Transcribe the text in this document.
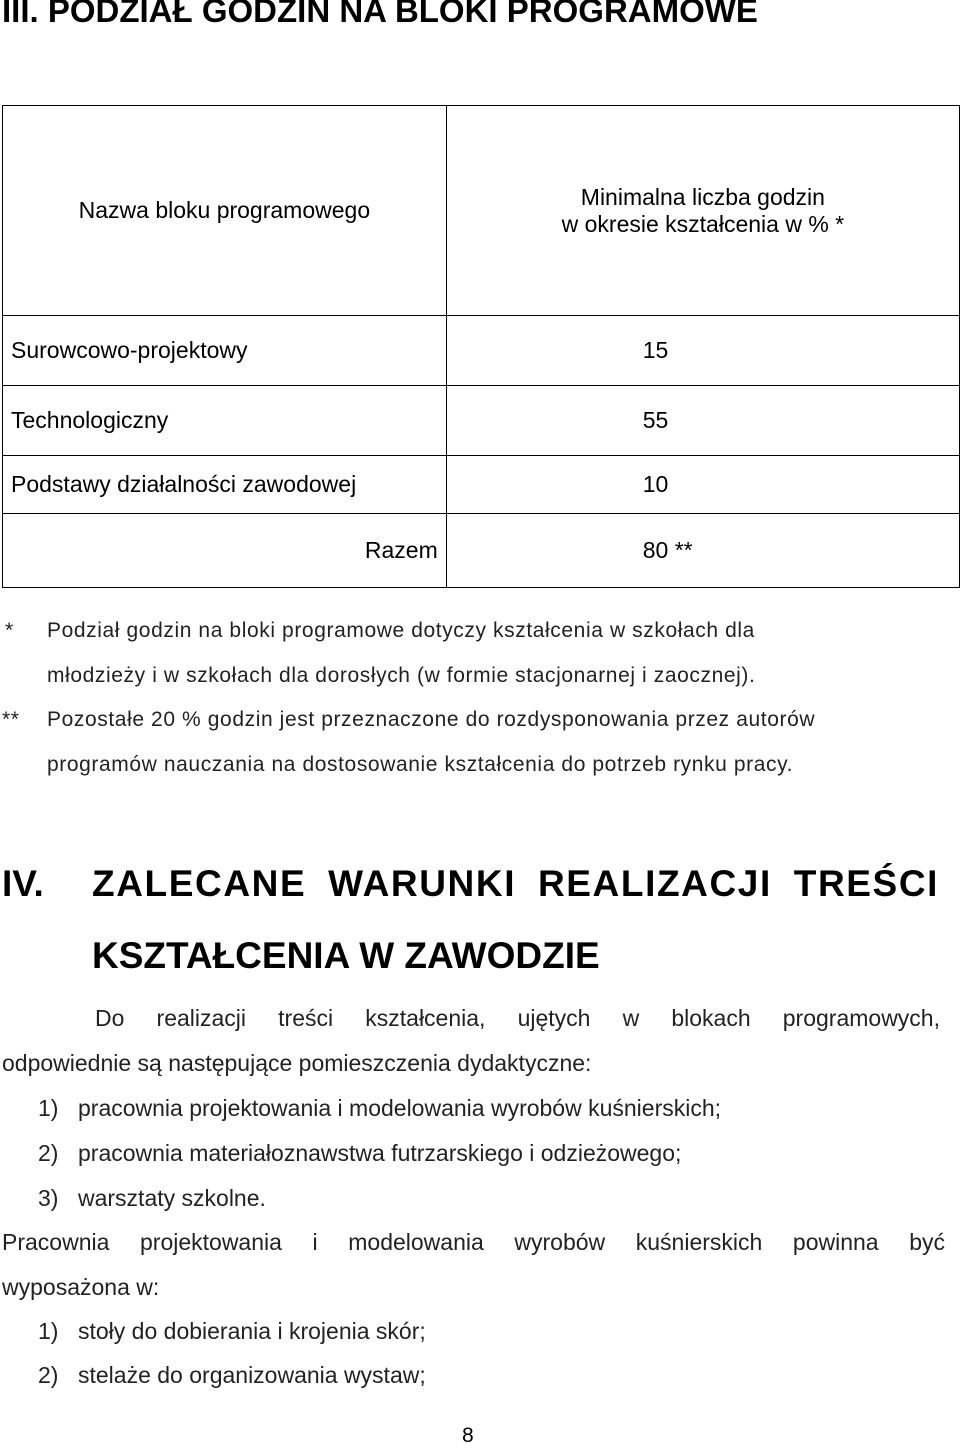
III. PODZIAŁ GODZIN NA BLOKI PROGRAMOWE
Nazwa bloku programowego	Minimalna liczba godzin
w okresie kształcenia w % *

Surowcowo-projektowy	15
Technologiczny	55
Podstawy działalności zawodowej	10
Razem	80 **
* Podział godzin na bloki programowe dotyczy kształcenia w szkołach dla
młodzieży i w szkołach dla dorosłych (w formie stacjonarnej i zaocznej).
** Pozostałe 20 % godzin jest przeznaczone do rozdysponowania przez autorów
programów nauczania na dostosowanie kształcenia do potrzeb rynku pracy.
IV. ZALECANE WARUNKI REALIZACJI TREŚCI
KSZTAŁCENIA W ZAWODZIE
Do realizacji treści kształcenia, ujętych w blokach programowych,
odpowiednie są następujące pomieszczenia dydaktyczne:
1) pracownia projektowania i modelowania wyrobów kuśnierskich;
2) pracownia materiałoznawstwa futrzarskiego i odzieżowego;
3) warsztaty szkolne.
Pracownia projektowania i modelowania wyrobów kuśnierskich powinna być
wyposażona w:
1) stoły do dobierania i krojenia skór;
2) stelaże do organizowania wystaw;
8
